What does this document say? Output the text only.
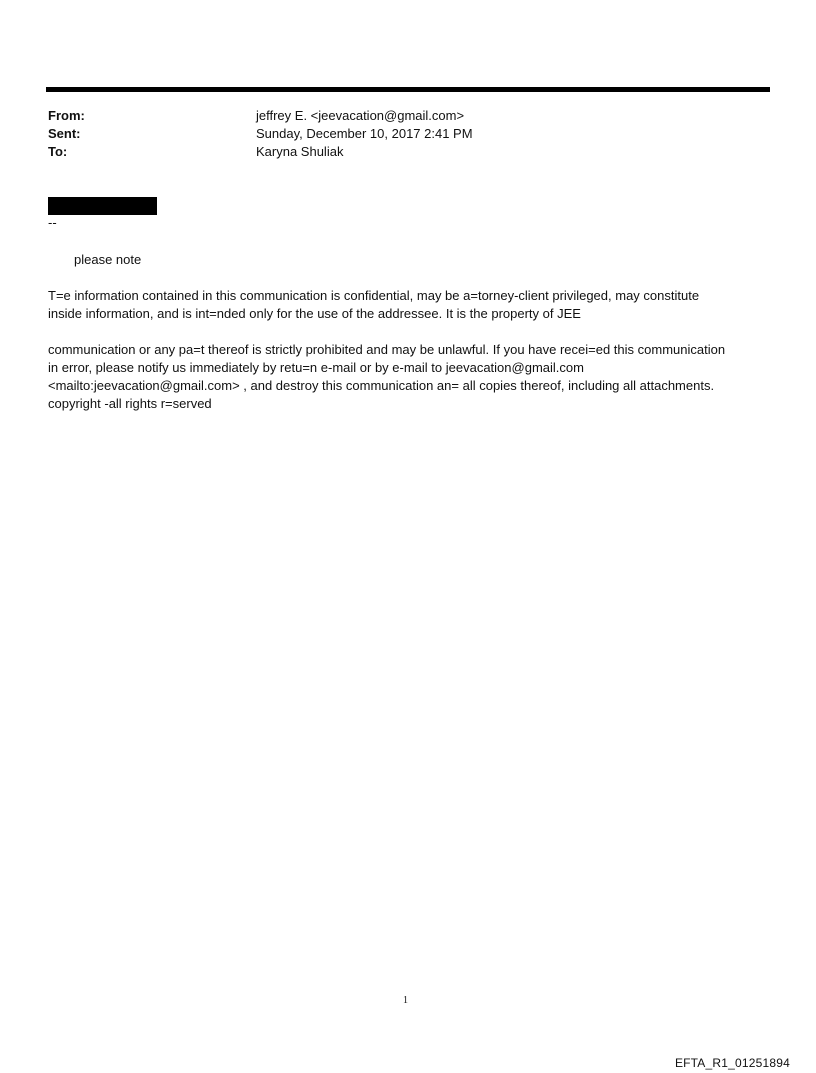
From:	jeffrey E. <jeevacation@gmail.com>
Sent:	Sunday, December 10, 2017 2:41 PM
To:	Karyna Shuliak
--
please note
T=e information contained in this communication is confidential, may be a=torney-client privileged, may constitute
inside information, and is int=nded only for the use of the addressee. It is the property of JEE
communication or any pa=t thereof is strictly prohibited and may be unlawful. If you have recei=ed this communication
in error, please notify us immediately by retu=n e-mail or by e-mail to jeevacation@gmail.com
<mailto:jeevacation@gmail.com> , and destroy this communication an= all copies thereof, including all attachments.
copyright -all rights r=served
1
EFTA_R1_01251894
